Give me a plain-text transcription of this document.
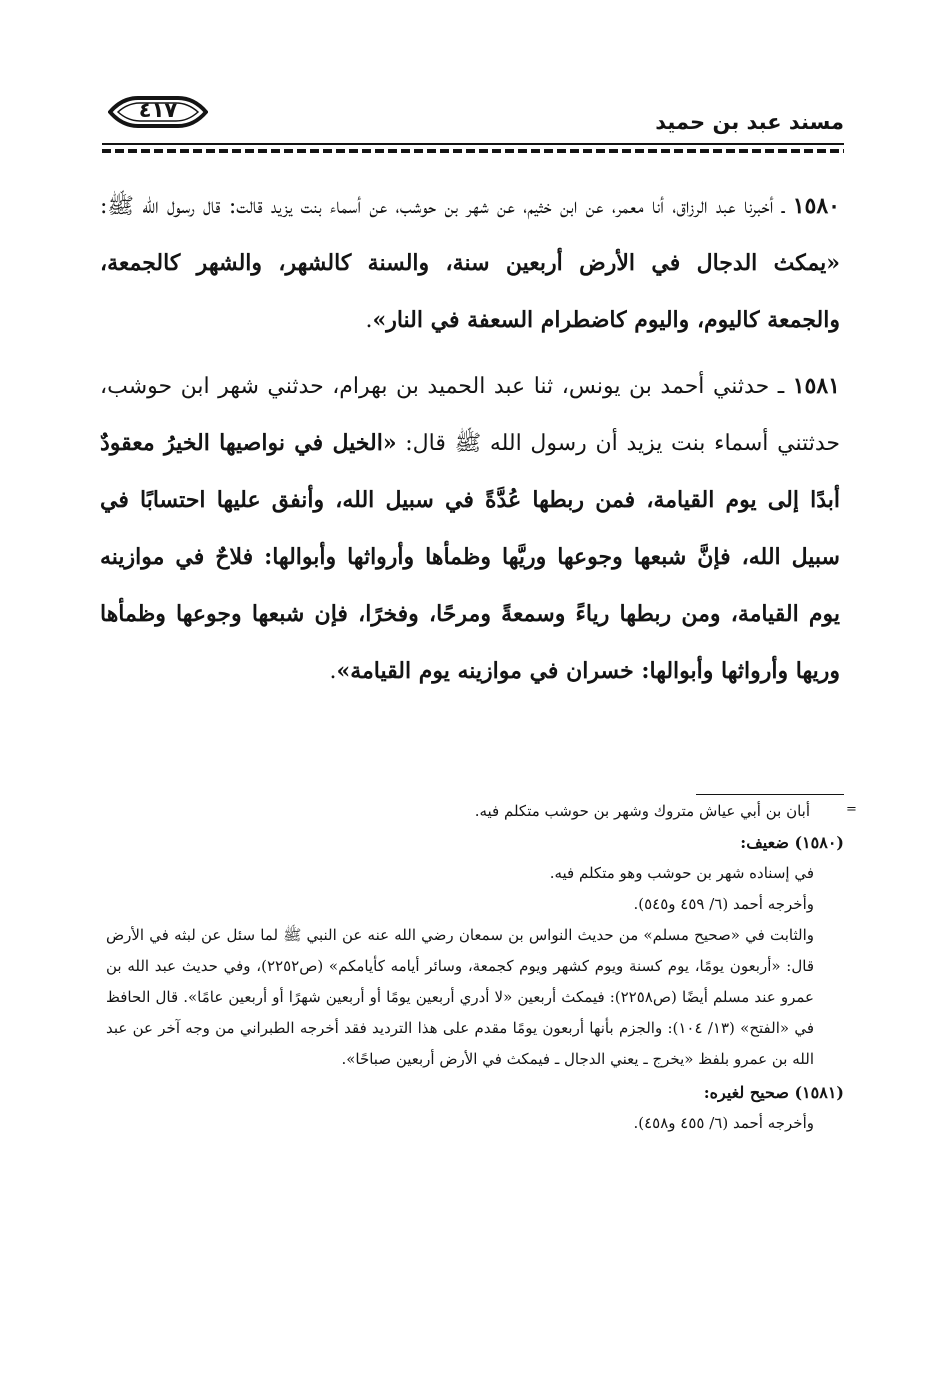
مسند عبد بن حميد
٤١٧

١٥٨٠ ـ أخبرنا عبد الرزاق، أنا معمر، عن ابن خثيم، عن شهر بن حوشب، عن أسماء بنت يزيد قالت: قال رسول الله ﷺ: «يمكث الدجال في الأرض أربعين سنة، والسنة كالشهر، والشهر كالجمعة، والجمعة كاليوم، واليوم كاضطرام السعفة في النار».

١٥٨١ ـ حدثني أحمد بن يونس، ثنا عبد الحميد بن بهرام، حدثني شهر ابن حوشب، حدثتني أسماء بنت يزيد أن رسول الله ﷺ قال: «الخيل في نواصيها الخيرُ معقودٌ أبدًا إلى يوم القيامة، فمن ربطها عُدَّةً في سبيل الله، وأنفق عليها احتسابًا في سبيل الله، فإنَّ شبعها وجوعها وريَّها وظمأها وأرواثها وأبوالها: فلاحٌ في موازينه يوم القيامة، ومن ربطها رياءً وسمعةً ومرحًا، وفخرًا، فإن شبعها وجوعها وظمأها وريها وأرواثها وأبوالها: خسران في موازينه يوم القيامة».

=
أبان بن أبي عياش متروك وشهر بن حوشب متكلم فيه.

(١٥٨٠) ضعيف:

في إسناده شهر بن حوشب وهو متكلم فيه.

وأخرجه أحمد (٦/ ٤٥٩ و٥٤٥).

والثابت في «صحيح مسلم» من حديث النواس بن سمعان رضي الله عنه عن النبي ﷺ لما سئل عن لبثه في الأرض قال: «أربعون يومًا، يوم كسنة ويوم كشهر ويوم كجمعة، وسائر أيامه كأيامكم» (ص٢٢٥٢)، وفي حديث عبد الله بن عمرو عند مسلم أيضًا (ص٢٢٥٨): فيمكث أربعين «لا أدري أربعين يومًا أو أربعين شهرًا أو أربعين عامًا». قال الحافظ في «الفتح» (١٣/ ١٠٤): والجزم بأنها أربعون يومًا مقدم على هذا الترديد فقد أخرجه الطبراني من وجه آخر عن عبد الله بن عمرو بلفظ «يخرج ـ يعني الدجال ـ فيمكث في الأرض أربعين صباحًا».

(١٥٨١) صحيح لغيره:

وأخرجه أحمد (٦/ ٤٥٥ و٤٥٨).
